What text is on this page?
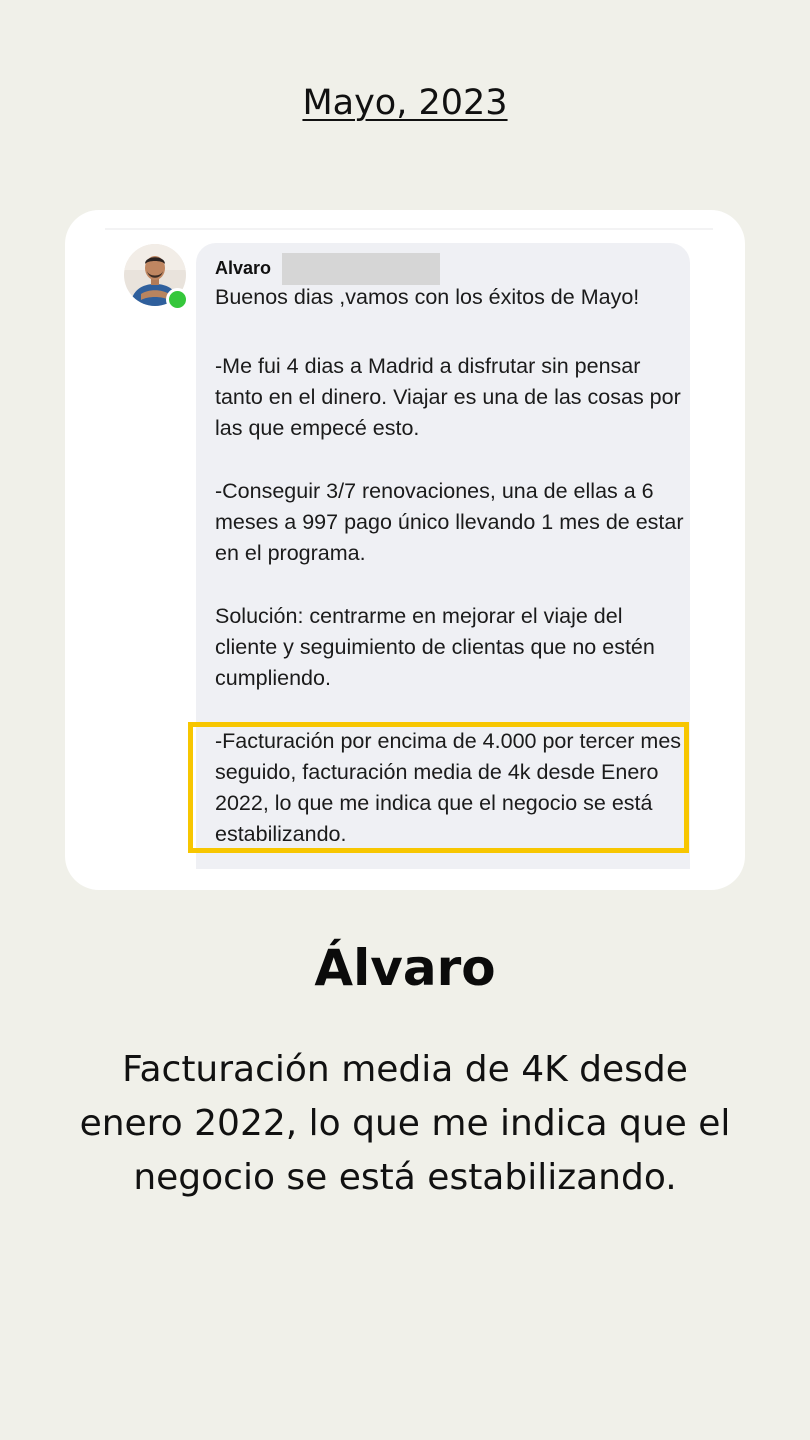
Mayo, 2023
Alvaro

Buenos dias ,vamos con los éxitos de Mayo!

-Me fui 4 dias a Madrid a disfrutar sin pensar tanto en el dinero. Viajar es una de las cosas por las que empecé esto.

-Conseguir 3/7 renovaciones, una de ellas a 6 meses a 997 pago único llevando 1 mes de estar en el programa.

Solución: centrarme en mejorar el viaje del cliente y seguimiento de clientas que no estén cumpliendo.

-Facturación por encima de 4.000 por tercer mes seguido, facturación media de 4k desde Enero 2022, lo que me indica que el negocio se está estabilizando.

Álvaro
Facturación media de 4K desde enero 2022, lo que me indica que el negocio se está estabilizando.
